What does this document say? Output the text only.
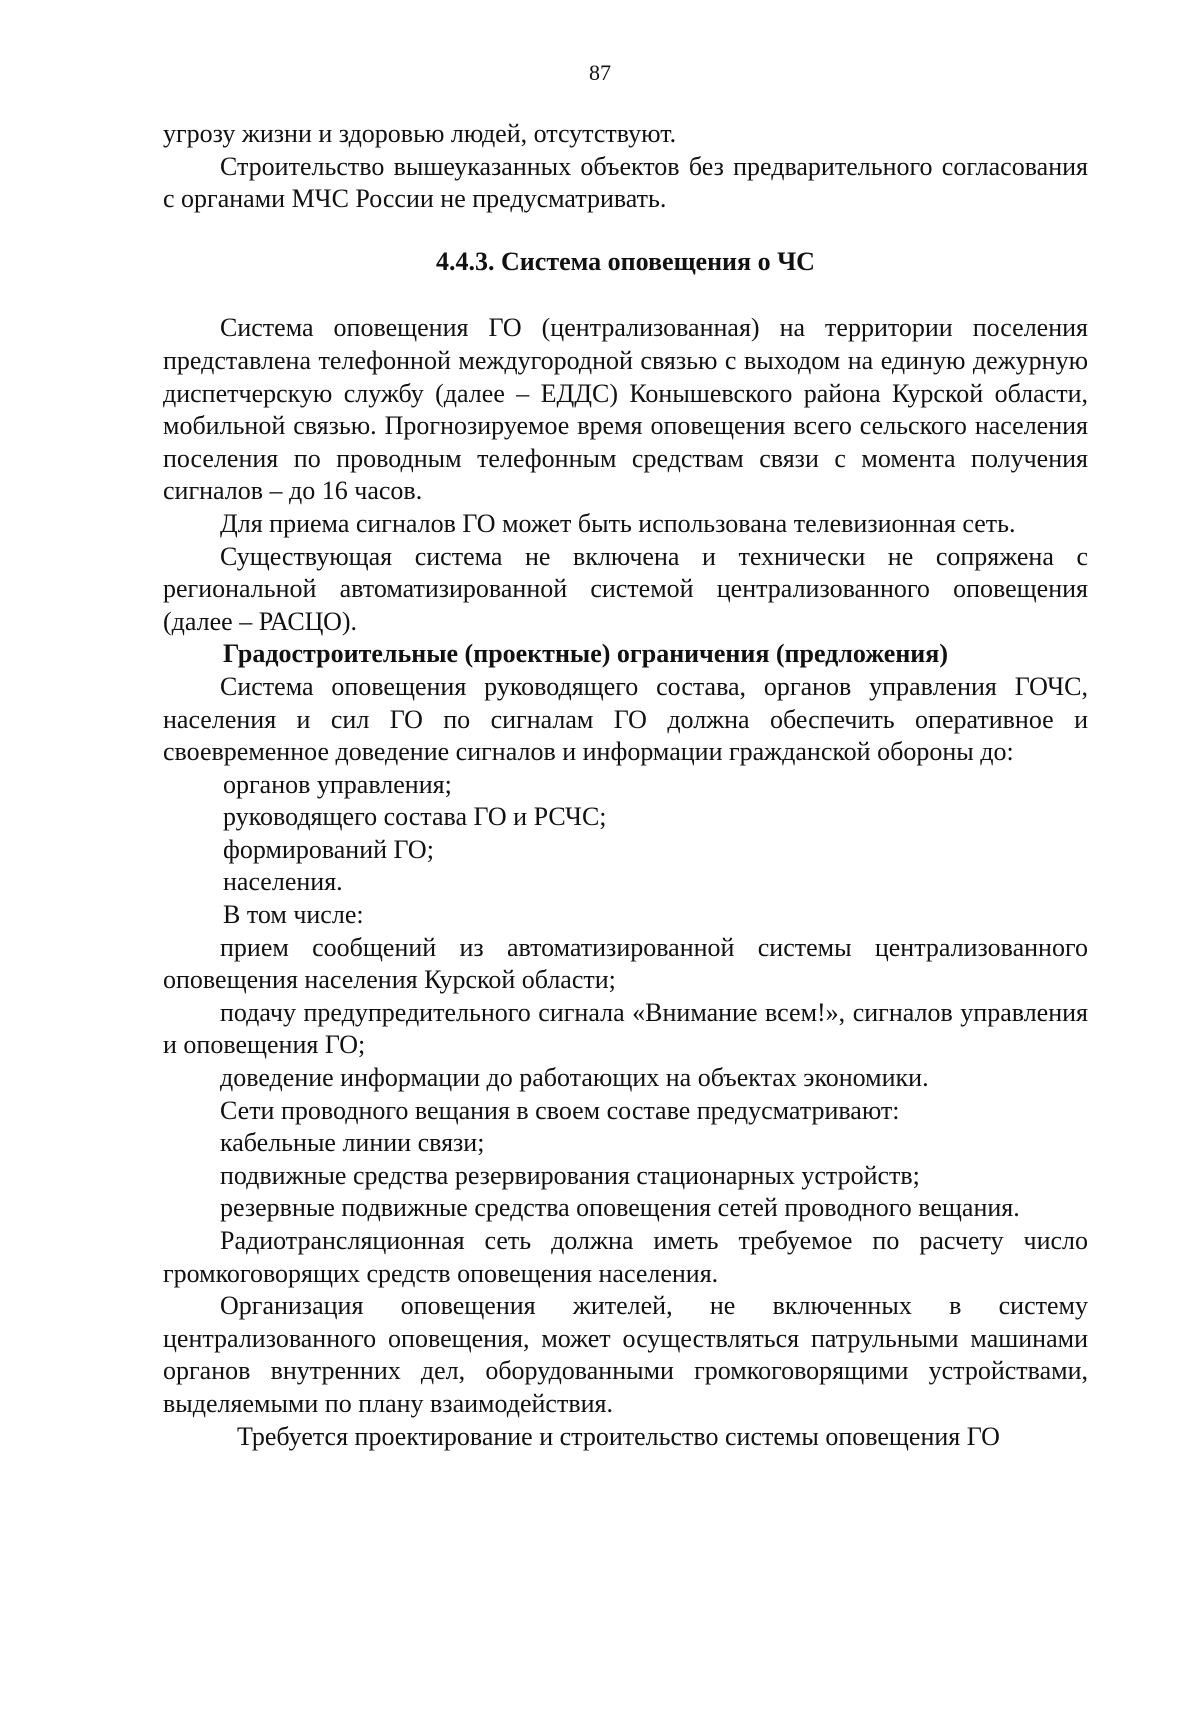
87

угрозу жизни и здоровью людей, отсутствуют.

Строительство вышеуказанных объектов без предварительного согласования с органами МЧС России не предусматривать.

4.4.3. Система оповещения о ЧС

Система оповещения ГО (централизованная) на территории поселения представлена телефонной междугородной связью с выходом на единую дежурную диспетчерскую службу (далее – ЕДДС) Конышевского района Курской области, мобильной связью. Прогнозируемое время оповещения всего сельского населения поселения по проводным телефонным средствам связи с момента получения сигналов – до 16 часов.

Для приема сигналов ГО может быть использована телевизионная сеть.

Существующая система не включена и технически не сопряжена с региональной автоматизированной системой централизованного оповещения (далее – РАСЦО).

Градостроительные (проектные) ограничения (предложения)

Система оповещения руководящего состава, органов управления ГОЧС, населения и сил ГО по сигналам ГО должна обеспечить оперативное и своевременное доведение сигналов и информации гражданской обороны до:

органов управления;

руководящего состава ГО и РСЧС;

формирований ГО;

населения.

В том числе:

прием сообщений из автоматизированной системы централизованного оповещения населения Курской области;

подачу предупредительного сигнала «Внимание всем!», сигналов управления и оповещения ГО;

доведение информации до работающих на объектах экономики.

Сети проводного вещания в своем составе предусматривают:

кабельные линии связи;

подвижные средства резервирования стационарных устройств;

резервные подвижные средства оповещения сетей проводного вещания.

Радиотрансляционная сеть должна иметь требуемое по расчету число громкоговорящих средств оповещения населения.

Организация оповещения жителей, не включенных в систему централизованного оповещения, может осуществляться патрульными машинами органов внутренних дел, оборудованными громкоговорящими устройствами, выделяемыми по плану взаимодействия.

Требуется проектирование и строительство системы оповещения ГО
